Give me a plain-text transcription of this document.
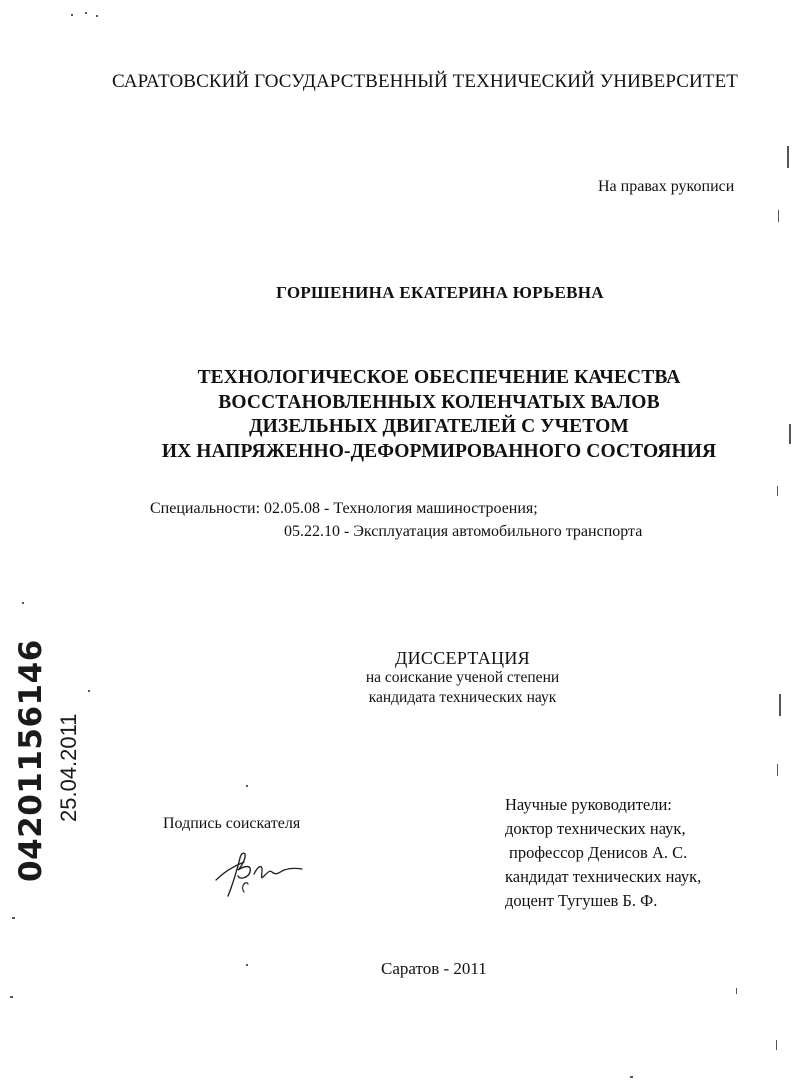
САРАТОВСКИЙ ГОСУДАРСТВЕННЫЙ ТЕХНИЧЕСКИЙ УНИВЕРСИТЕТ
На правах рукописи
ГОРШЕНИНА ЕКАТЕРИНА ЮРЬЕВНА
ТЕХНОЛОГИЧЕСКОЕ ОБЕСПЕЧЕНИЕ КАЧЕСТВА
ВОССТАНОВЛЕННЫХ КОЛЕНЧАТЫХ ВАЛОВ
ДИЗЕЛЬНЫХ ДВИГАТЕЛЕЙ С УЧЕТОМ
ИХ НАПРЯЖЕННО-ДЕФОРМИРОВАННОГО СОСТОЯНИЯ
Специальности: 02.05.08 - Технология машиностроения;
05.22.10 - Эксплуатация автомобильного транспорта
ДИССЕРТАЦИЯ
на соискание ученой степени
кандидата технических наук
Подпись соискателя
Научные руководители:
доктор технических наук,
профессор Денисов А. С.
кандидат технических наук,
доцент Тугушев Б. Ф.
Саратов - 2011
04201156146 25.04.2011
